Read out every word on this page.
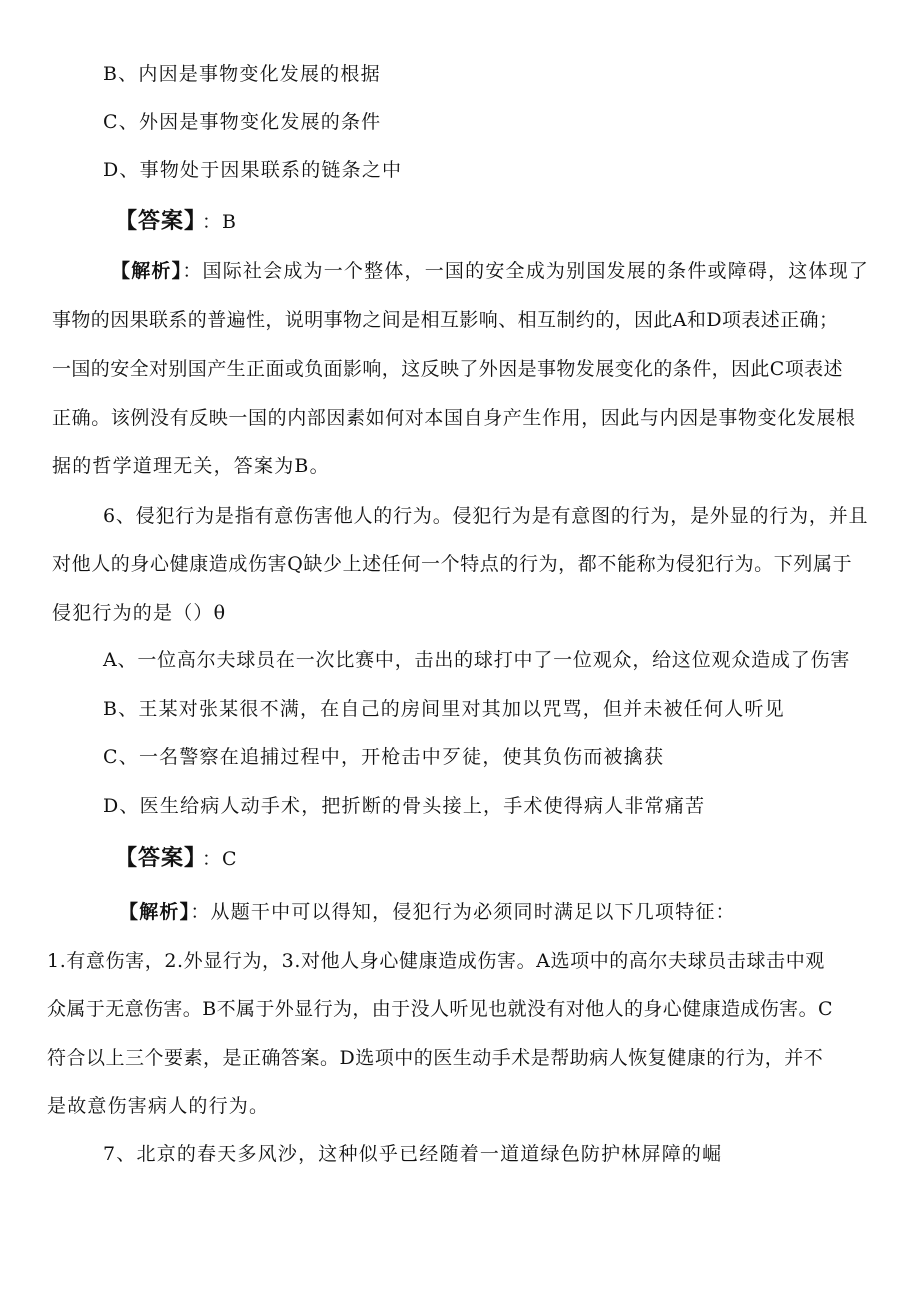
B、内因是事物变化发展的根据
C、外因是事物变化发展的条件
D、事物处于因果联系的链条之中
【答案】 ：B
【解析】：国际社会成为一个整体，一国的安全成为别国发展的条件或障碍，这体现了
事物的因果联系的普遍性，说明事物之间是相互影响、相互制约的，因此A和D项表述正确；
一国的安全对别国产生正面或负面影响，这反映了外因是事物发展变化的条件，因此C项表述
正确。该例没有反映一国的内部因素如何对本国自身产生作用，因此与内因是事物变化发展根
据的哲学道理无关，答案为B。
6、侵犯行为是指有意伤害他人的行为。侵犯行为是有意图的行为，是外显的行为，并且
对他人的身心健康造成伤害Q缺少上述任何一个特点的行为，都不能称为侵犯行为。下列属于
侵犯行为的是（）θ
A、一位高尔夫球员在一次比赛中，击出的球打中了一位观众，给这位观众造成了伤害
B、王某对张某很不满，在自己的房间里对其加以咒骂，但并未被任何人听见
C、一名警察在追捕过程中，开枪击中歹徒，使其负伤而被擒获
D、医生给病人动手术，把折断的骨头接上，手术使得病人非常痛苦
【答案】 ：C
【解析】：从题干中可以得知，侵犯行为必须同时满足以下几项特征：
1.有意伤害，2.外显行为，3.对他人身心健康造成伤害。A选项中的高尔夫球员击球击中观
众属于无意伤害。B不属于外显行为，由于没人听见也就没有对他人的身心健康造成伤害。C
符合以上三个要素，是正确答案。D选项中的医生动手术是帮助病人恢复健康的行为，并不
是故意伤害病人的行为。
7、北京的春天多风沙，这种似乎已经随着一道道绿色防护林屏障的崛
